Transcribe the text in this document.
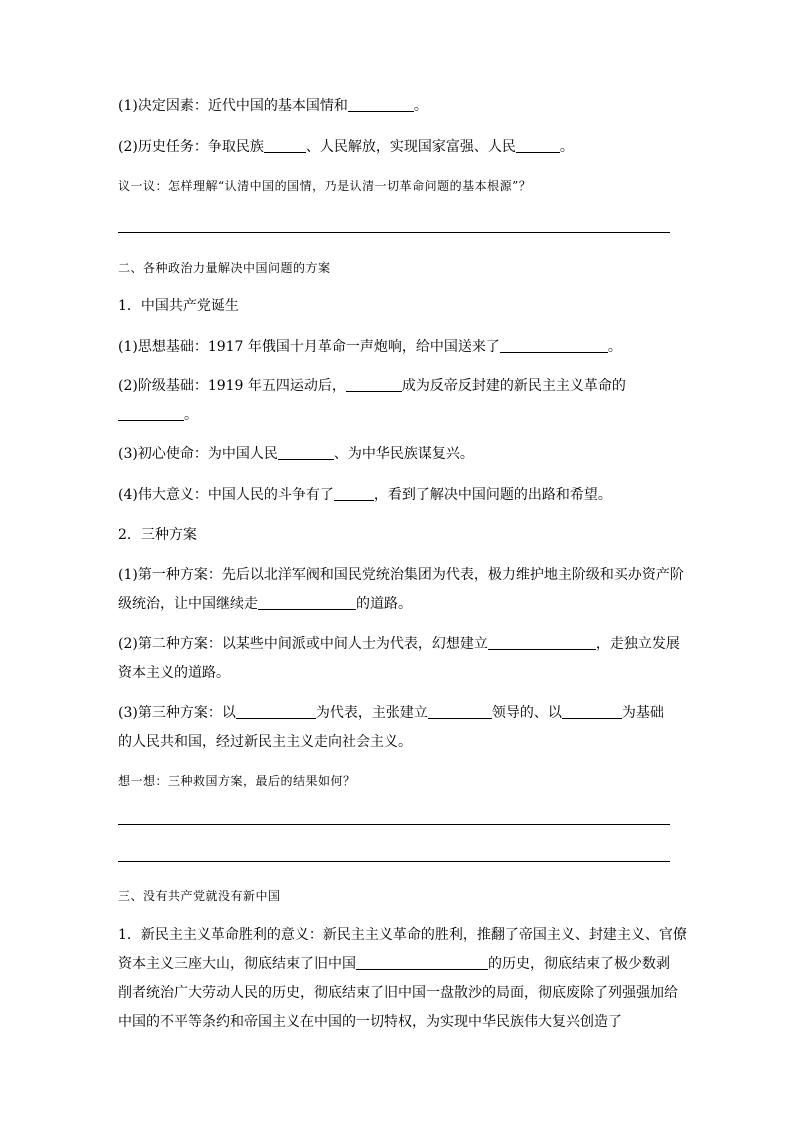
(1)决定因素：近代中国的基本国情和	。
(2)历史任务：争取民族	、人民解放，实现国家富强、人民	。
议一议：怎样理解“认清中国的国情，乃是认清一切革命问题的基本根源”？
二、各种政治力量解决中国问题的方案
1．中国共产党诞生
(1)思想基础：1917 年俄国十月革命一声炮响，给中国送来了	。
(2)阶级基础：1919 年五四运动后，	成为反帝反封建的新民主主义革命的
。
(3)初心使命：为中国人民	、为中华民族谋复兴。
(4)伟大意义：中国人民的斗争有了	，看到了解决中国问题的出路和希望。
2．三种方案
(1)第一种方案：先后以北洋军阀和国民党统治集团为代表，极力维护地主阶级和买办资产阶
级统治，让中国继续走	的道路。
(2)第二种方案：以某些中间派或中间人士为代表，幻想建立	，走独立发展
资本主义的道路。
(3)第三种方案：以	为代表，主张建立	领导的、以	为基础
的人民共和国，经过新民主主义走向社会主义。
想一想：三种救国方案，最后的结果如何？
三、没有共产党就没有新中国
1．新民主主义革命胜利的意义：新民主主义革命的胜利，推翻了帝国主义、封建主义、官僚
资本主义三座大山，彻底结束了旧中国	的历史，彻底结束了极少数剥
削者统治广大劳动人民的历史，彻底结束了旧中国一盘散沙的局面，彻底废除了列强强加给
中国的不平等条约和帝国主义在中国的一切特权，为实现中华民族伟大复兴创造了
